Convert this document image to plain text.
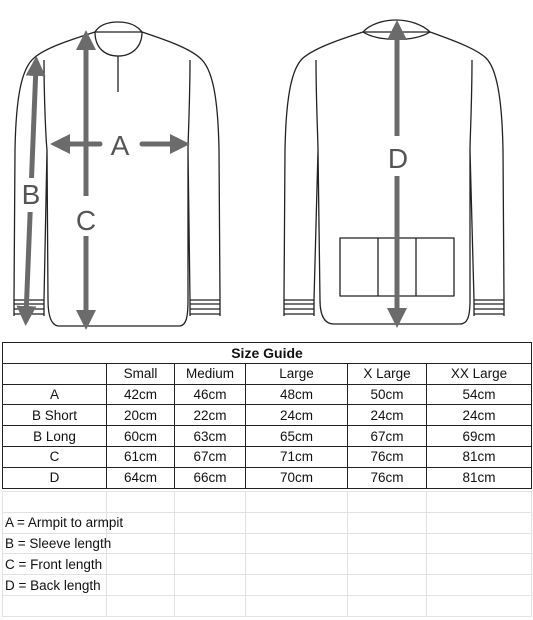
A
B
C
D
Size Guide					
	Small	Medium	Large	X Large	XX Large
A	42cm	46cm	48cm	50cm	54cm
B Short	20cm	22cm	24cm	24cm	24cm
B Long	60cm	63cm	65cm	67cm	69cm
C	61cm	67cm	71cm	76cm	81cm
D	64cm	66cm	70cm	76cm	81cm

A = Armpit to armpit					
B = Sleeve length					
C = Front length					
D = Back length					
